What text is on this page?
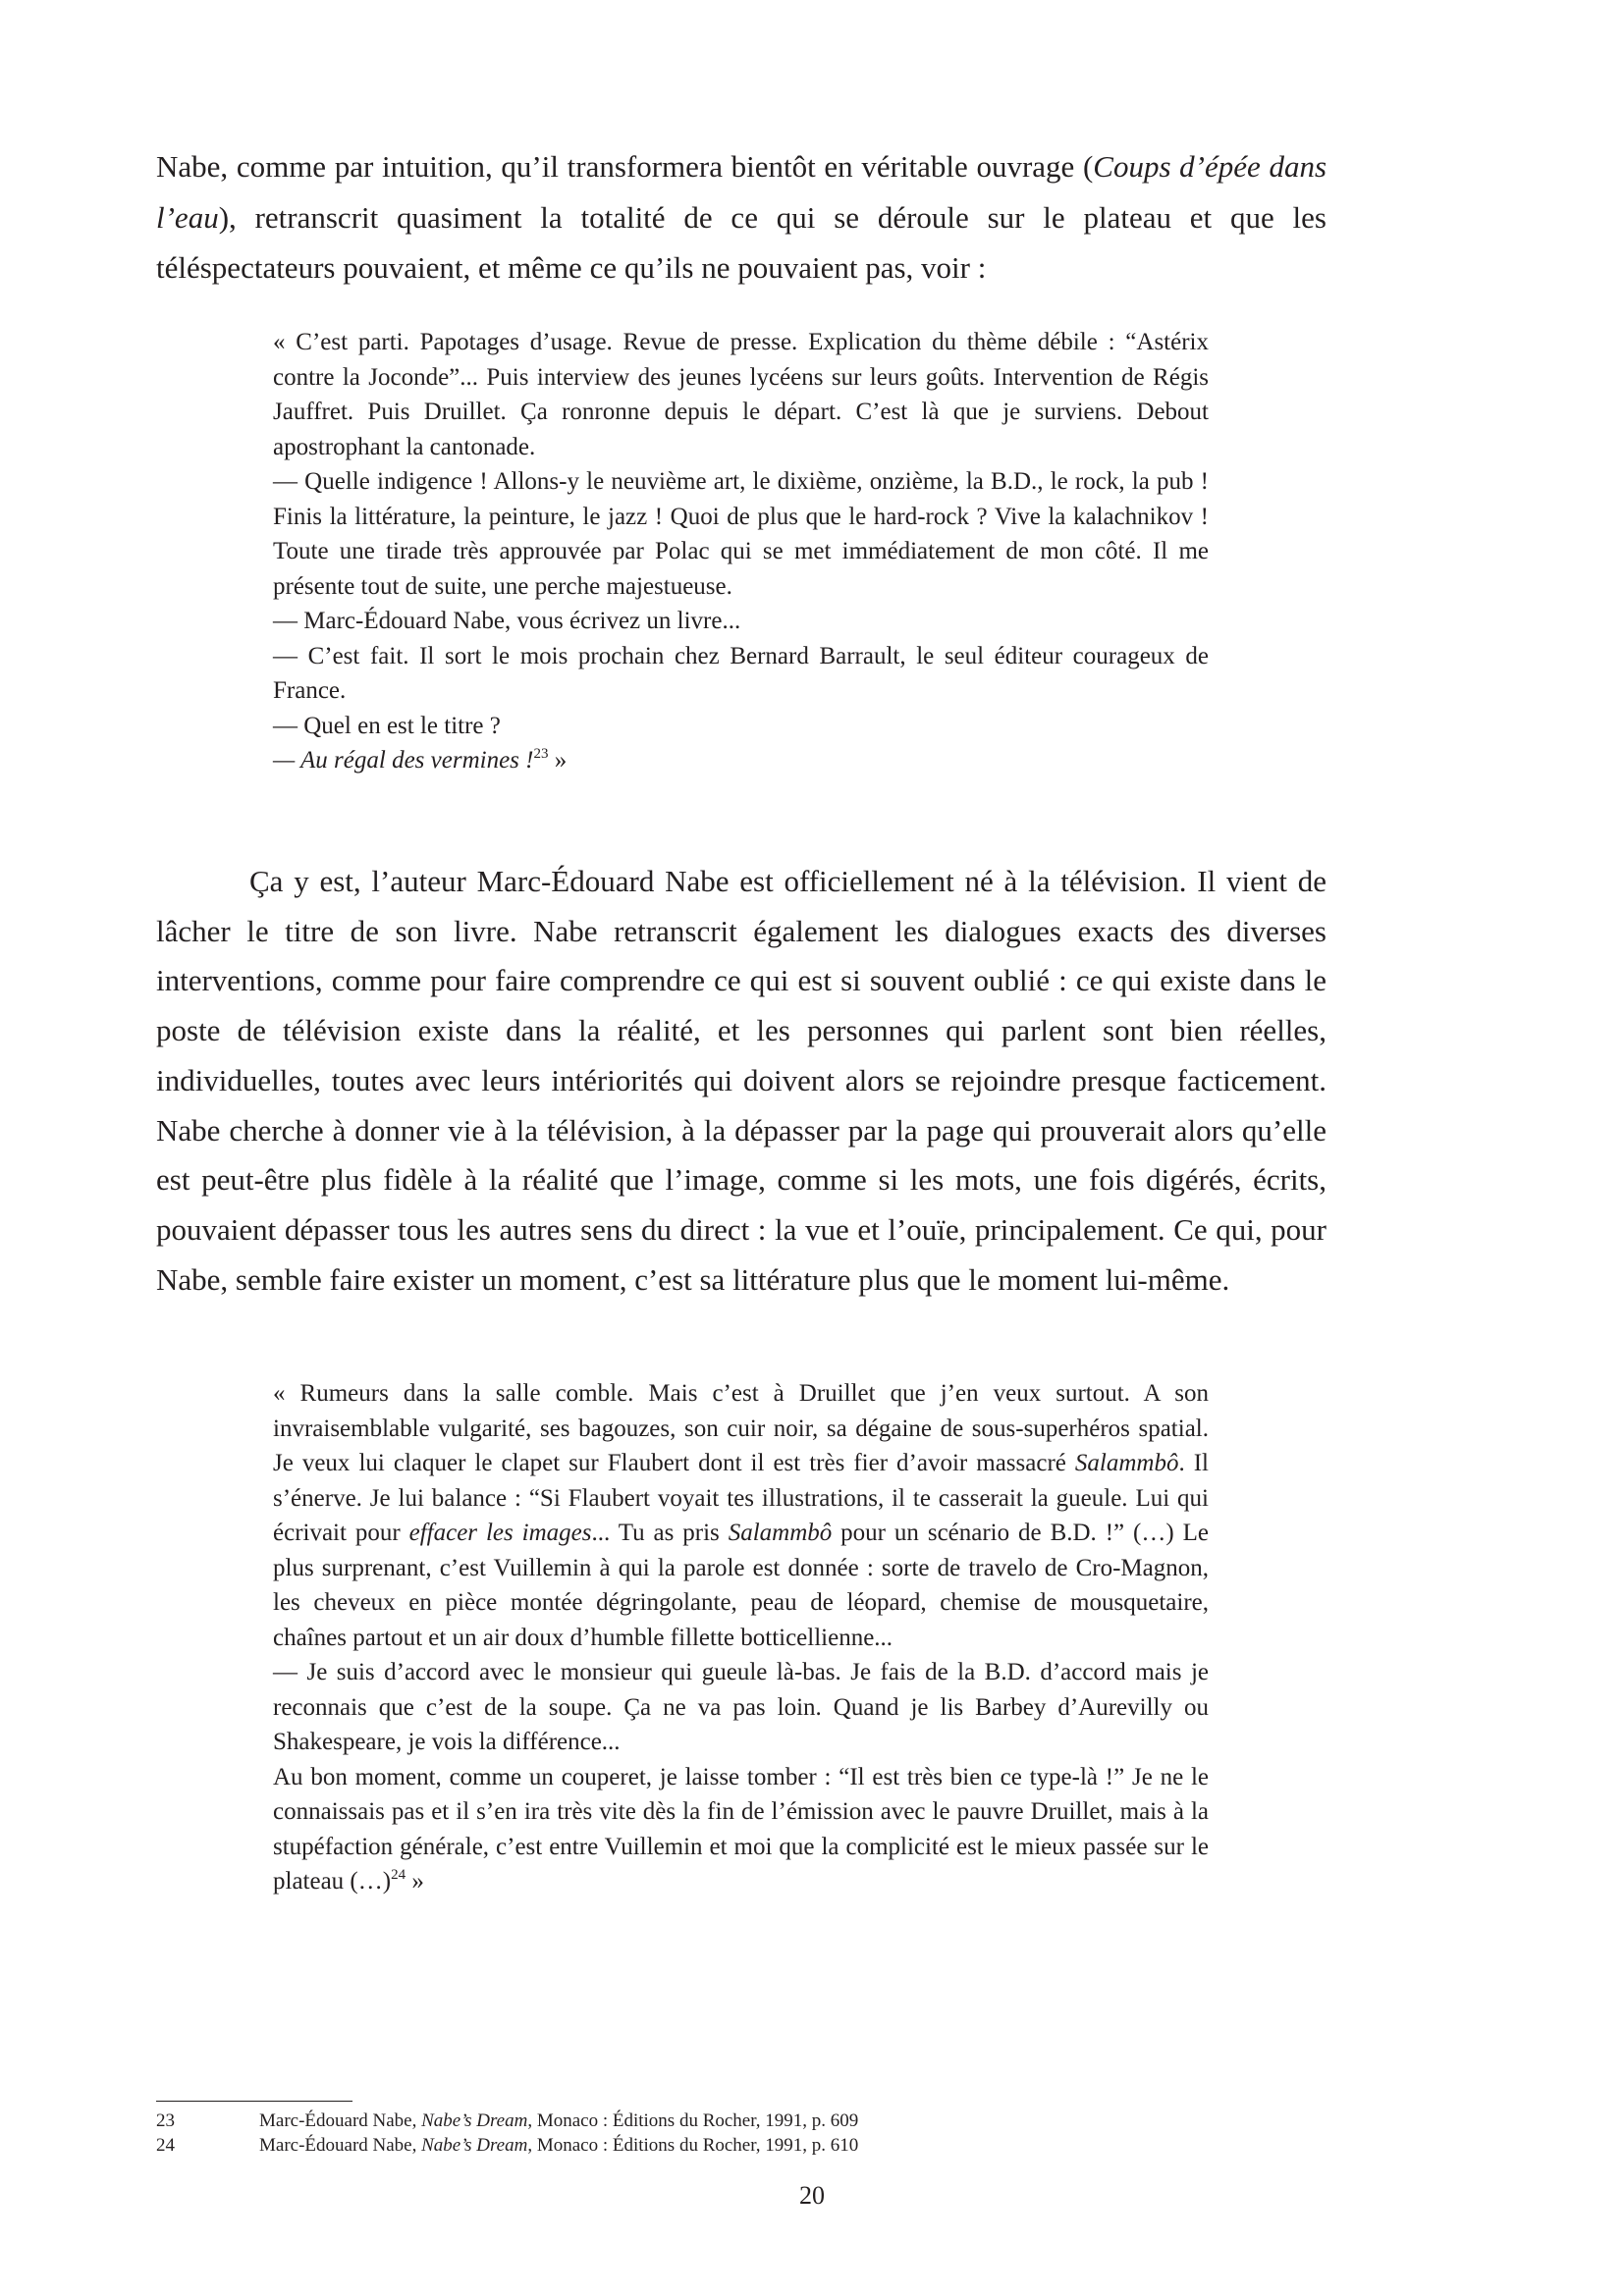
Nabe, comme par intuition, qu’il transformera bientôt en véritable ouvrage (Coups d’épée dans l’eau), retranscrit quasiment la totalité de ce qui se déroule sur le plateau et que les téléspectateurs pouvaient, et même ce qu’ils ne pouvaient pas, voir :

« C’est parti. Papotages d’usage. Revue de presse. Explication du thème débile : “Astérix contre la Joconde”... Puis interview des jeunes lycéens sur leurs goûts. Intervention de Régis Jauffret. Puis Druillet. Ça ronronne depuis le départ. C’est là que je surviens. Debout apostrophant la cantonade.

— Quelle indigence ! Allons-y le neuvième art, le dixième, onzième, la B.D., le rock, la pub ! Finis la littérature, la peinture, le jazz ! Quoi de plus que le hard-rock ? Vive la kalachnikov ! Toute une tirade très approuvée par Polac qui se met immédiatement de mon côté. Il me présente tout de suite, une perche majestueuse.

— Marc-Édouard Nabe, vous écrivez un livre...

— C’est fait. Il sort le mois prochain chez Bernard Barrault, le seul éditeur courageux de France.

— Quel en est le titre ?

— Au régal des vermines !$^{23}$ »

Ça y est, l’auteur Marc-Édouard Nabe est officiellement né à la télévision. Il vient de lâcher le titre de son livre. Nabe retranscrit également les dialogues exacts des diverses interventions, comme pour faire comprendre ce qui est si souvent oublié : ce qui existe dans le poste de télévision existe dans la réalité, et les personnes qui parlent sont bien réelles, individuelles, toutes avec leurs intériorités qui doivent alors se rejoindre presque facticement. Nabe cherche à donner vie à la télévision, à la dépasser par la page qui prouverait alors qu’elle est peut-être plus fidèle à la réalité que l’image, comme si les mots, une fois digérés, écrits, pouvaient dépasser tous les autres sens du direct : la vue et l’ouïe, principalement. Ce qui, pour Nabe, semble faire exister un moment, c’est sa littérature plus que le moment lui-même.

« Rumeurs dans la salle comble. Mais c’est à Druillet que j’en veux surtout. A son invraisemblable vulgarité, ses bagouzes, son cuir noir, sa dégaine de sous-superhéros spatial. Je veux lui claquer le clapet sur Flaubert dont il est très fier d’avoir massacré Salammbô. Il s’énerve. Je lui balance : “Si Flaubert voyait tes illustrations, il te casserait la gueule. Lui qui écrivait pour effacer les images... Tu as pris Salammbô pour un scénario de B.D. !” (…) Le plus surprenant, c’est Vuillemin à qui la parole est donnée : sorte de travelo de Cro-Magnon, les cheveux en pièce montée dégringolante, peau de léopard, chemise de mousquetaire, chaînes partout et un air doux d’humble fillette botticellienne...

— Je suis d’accord avec le monsieur qui gueule là-bas. Je fais de la B.D. d’accord mais je reconnais que c’est de la soupe. Ça ne va pas loin. Quand je lis Barbey d’Aurevilly ou Shakespeare, je vois la différence...

Au bon moment, comme un couperet, je laisse tomber : “Il est très bien ce type-là !” Je ne le connaissais pas et il s’en ira très vite dès la fin de l’émission avec le pauvre Druillet, mais à la stupéfaction générale, c’est entre Vuillemin et moi que la complicité est le mieux passée sur le plateau (…)$^{24}$ »

23	Marc-Édouard Nabe, Nabe’s Dream, Monaco : Éditions du Rocher, 1991, p. 609
24	Marc-Édouard Nabe, Nabe’s Dream, Monaco : Éditions du Rocher, 1991, p. 610
20
